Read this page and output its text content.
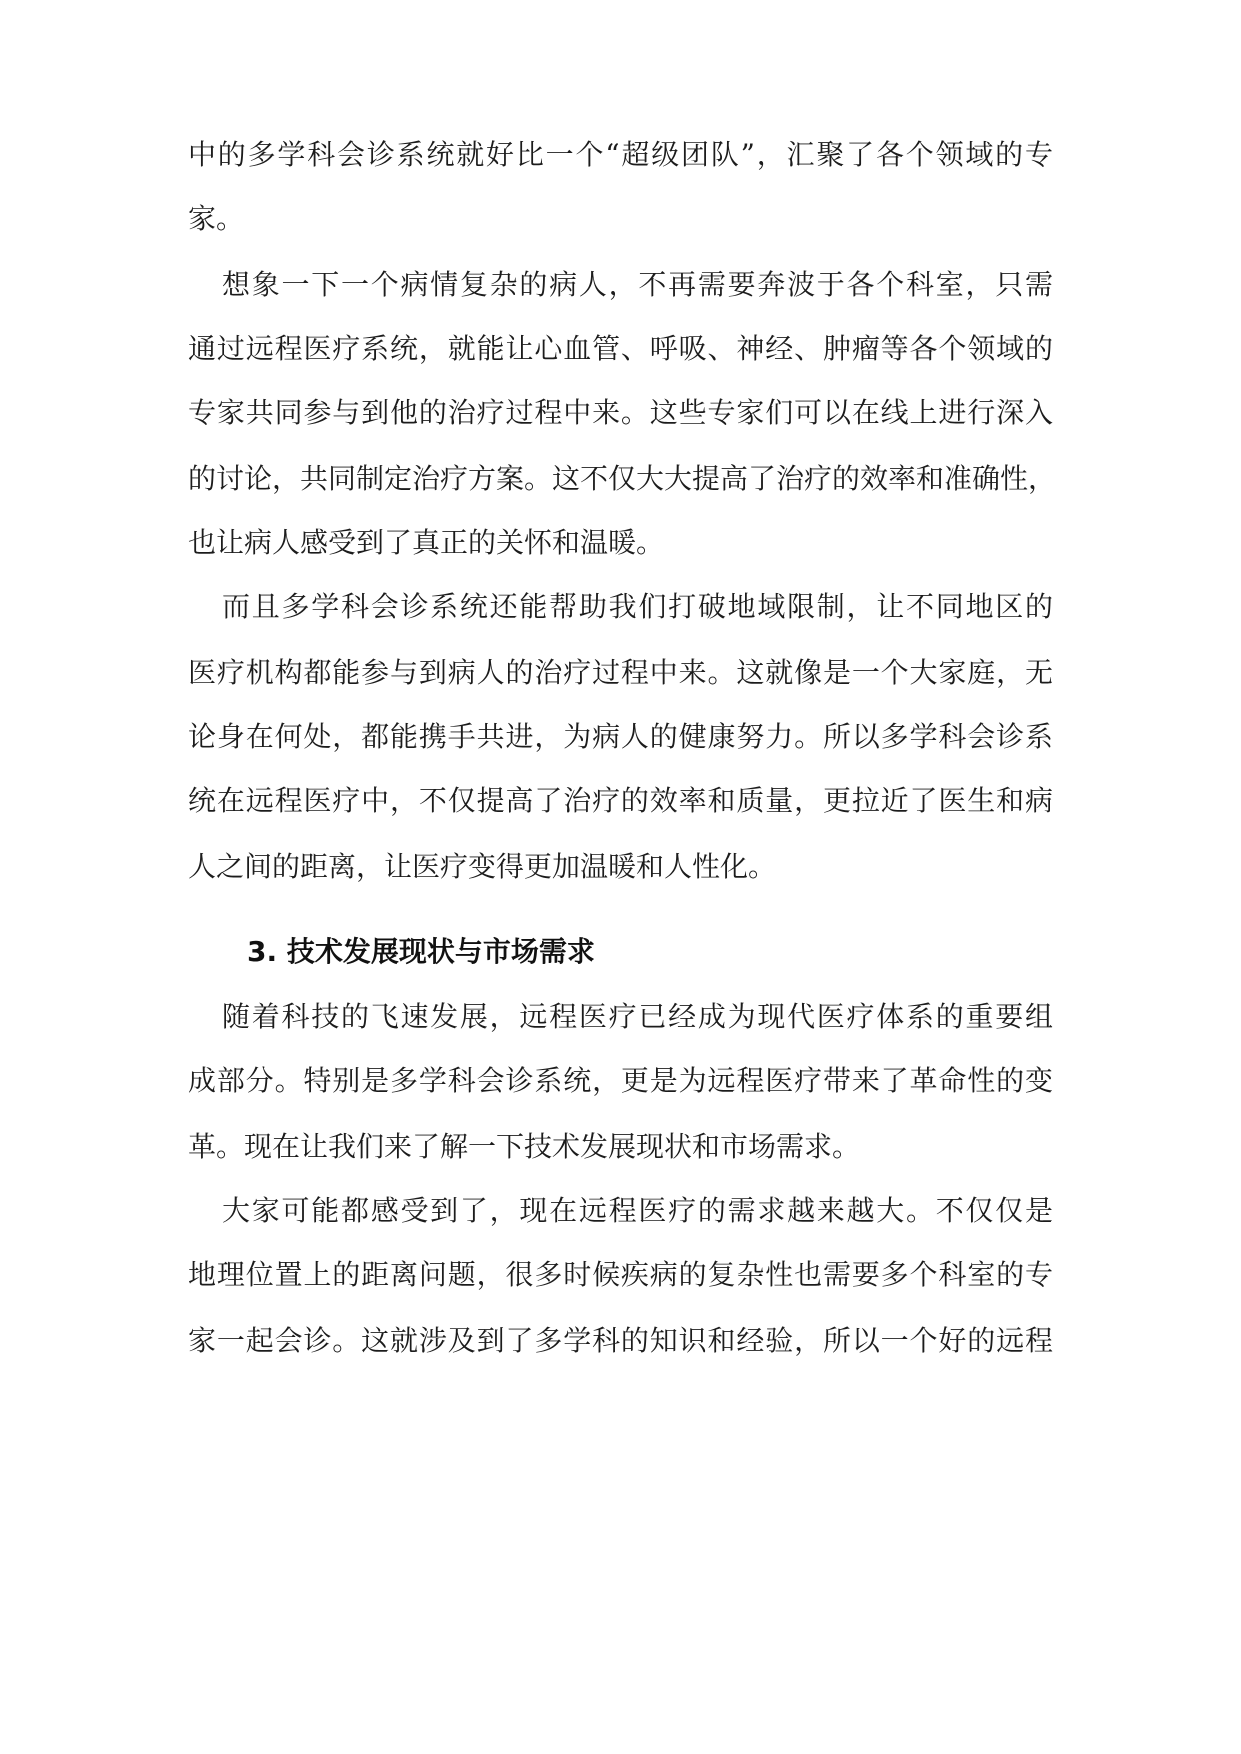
中的多学科会诊系统就好比一个“超级团队”，汇聚了各个领域的专

家。

想象一下一个病情复杂的病人，不再需要奔波于各个科室，只需

通过远程医疗系统，就能让心血管、呼吸、神经、肿瘤等各个领域的

专家共同参与到他的治疗过程中来。这些专家们可以在线上进行深入

的讨论，共同制定治疗方案。这不仅大大提高了治疗的效率和准确性，

也让病人感受到了真正的关怀和温暖。

而且多学科会诊系统还能帮助我们打破地域限制，让不同地区的

医疗机构都能参与到病人的治疗过程中来。这就像是一个大家庭，无

论身在何处，都能携手共进，为病人的健康努力。所以多学科会诊系

统在远程医疗中，不仅提高了治疗的效率和质量，更拉近了医生和病

人之间的距离，让医疗变得更加温暖和人性化。

3. 技术发展现状与市场需求

随着科技的飞速发展，远程医疗已经成为现代医疗体系的重要组

成部分。特别是多学科会诊系统，更是为远程医疗带来了革命性的变

革。现在让我们来了解一下技术发展现状和市场需求。

大家可能都感受到了，现在远程医疗的需求越来越大。不仅仅是

地理位置上的距离问题，很多时候疾病的复杂性也需要多个科室的专

家一起会诊。这就涉及到了多学科的知识和经验，所以一个好的远程
